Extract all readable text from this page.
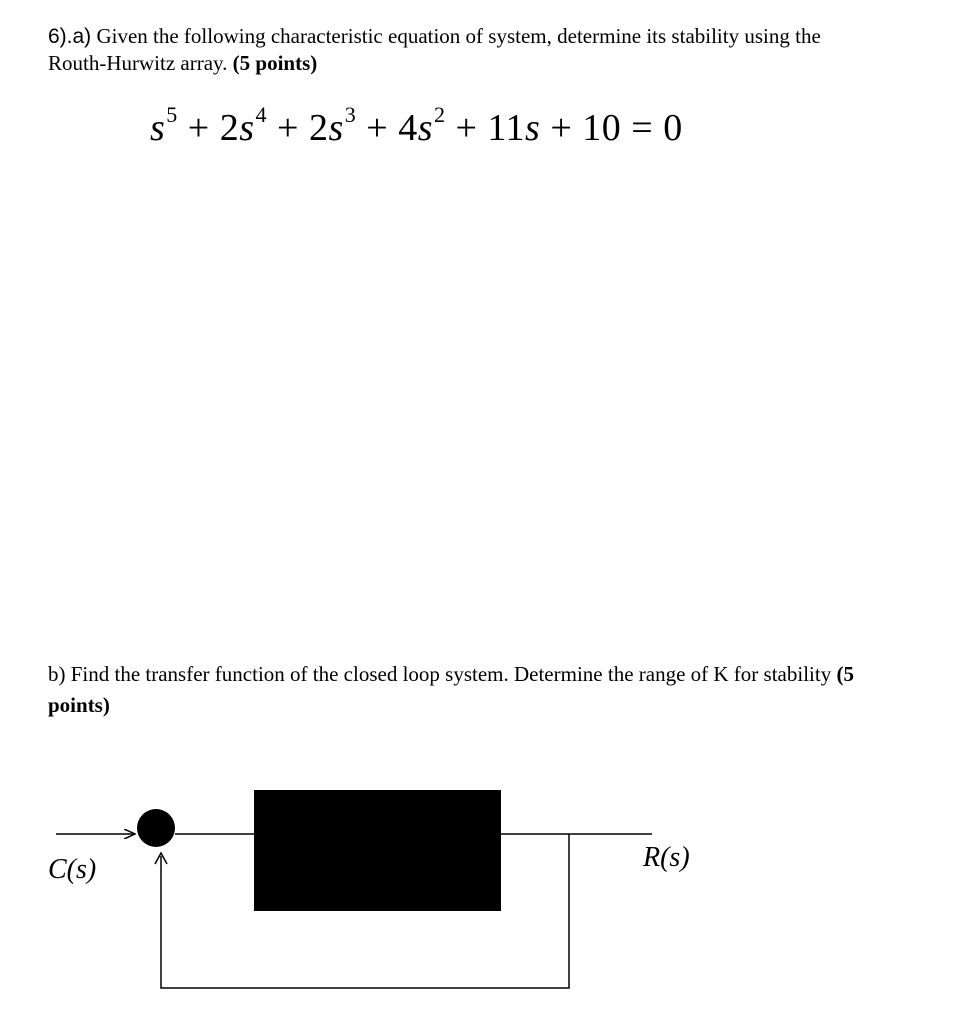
6).a) Given the following characteristic equation of system, determine its stability using the
Routh-Hurwitz array. (5 points)
$s^5 + 2s^4 + 2s^3 + 4s^2 + 11s + 10 = 0$
b) Find the transfer function of the closed loop system. Determine the range of K for stability (5
points)
C(s)	R(s)
